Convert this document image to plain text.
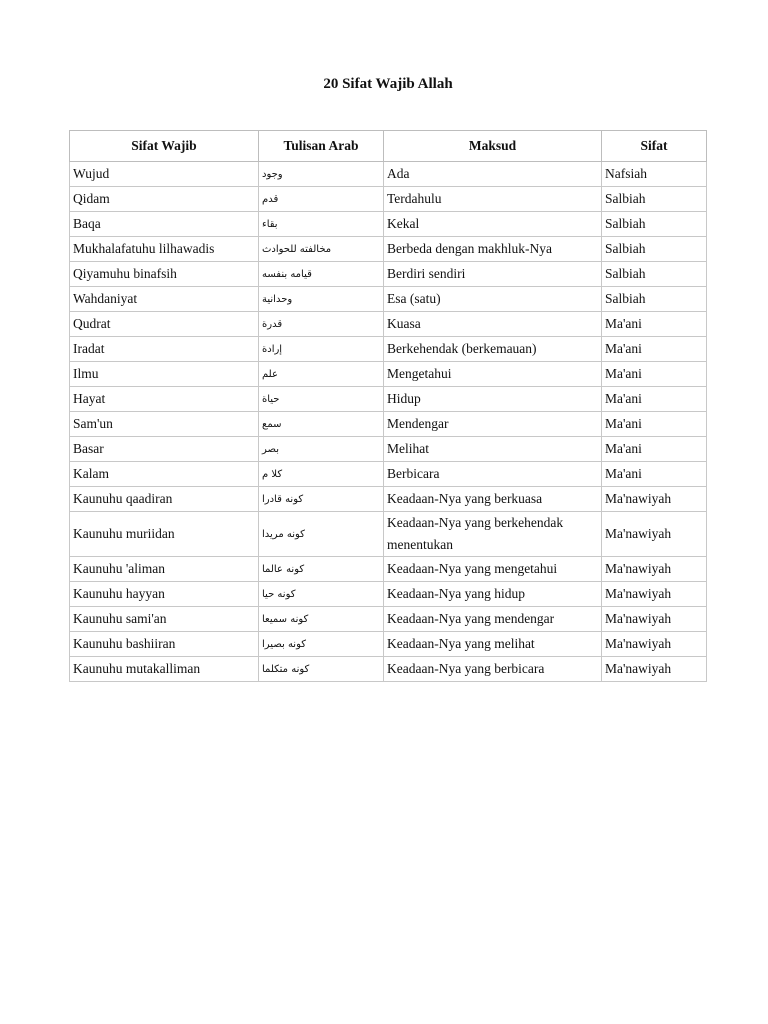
20 Sifat Wajib Allah
Sifat Wajib	Tulisan Arab	Maksud	Sifat
Wujud	وجود	Ada	Nafsiah
Qidam	قدم	Terdahulu	Salbiah
Baqa	بقاء	Kekal	Salbiah
Mukhalafatuhu lilhawadis	مخالفته للحوادث	Berbeda dengan makhluk-Nya	Salbiah
Qiyamuhu binafsih	قيامه بنفسه	Berdiri sendiri	Salbiah
Wahdaniyat	وحدانية	Esa (satu)	Salbiah
Qudrat	قدرة	Kuasa	Ma'ani
Iradat	إرادة	Berkehendak (berkemauan)	Ma'ani
Ilmu	علم	Mengetahui	Ma'ani
Hayat	حياة	Hidup	Ma'ani
Sam'un	سمع	Mendengar	Ma'ani
Basar	بصر	Melihat	Ma'ani
Kalam	كلا م	Berbicara	Ma'ani
Kaunuhu qaadiran	كونه قادرا	Keadaan-Nya yang berkuasa	Ma'nawiyah
Kaunuhu muriidan	كونه مريدا	Keadaan-Nya yang berkehendak menentukan	Ma'nawiyah
Kaunuhu 'aliman	كونه عالما	Keadaan-Nya yang mengetahui	Ma'nawiyah
Kaunuhu hayyan	كونه حيا	Keadaan-Nya yang hidup	Ma'nawiyah
Kaunuhu sami'an	كونه سميعا	Keadaan-Nya yang mendengar	Ma'nawiyah
Kaunuhu bashiiran	كونه بصيرا	Keadaan-Nya yang melihat	Ma'nawiyah
Kaunuhu mutakalliman	كونه متكلما	Keadaan-Nya yang berbicara	Ma'nawiyah
